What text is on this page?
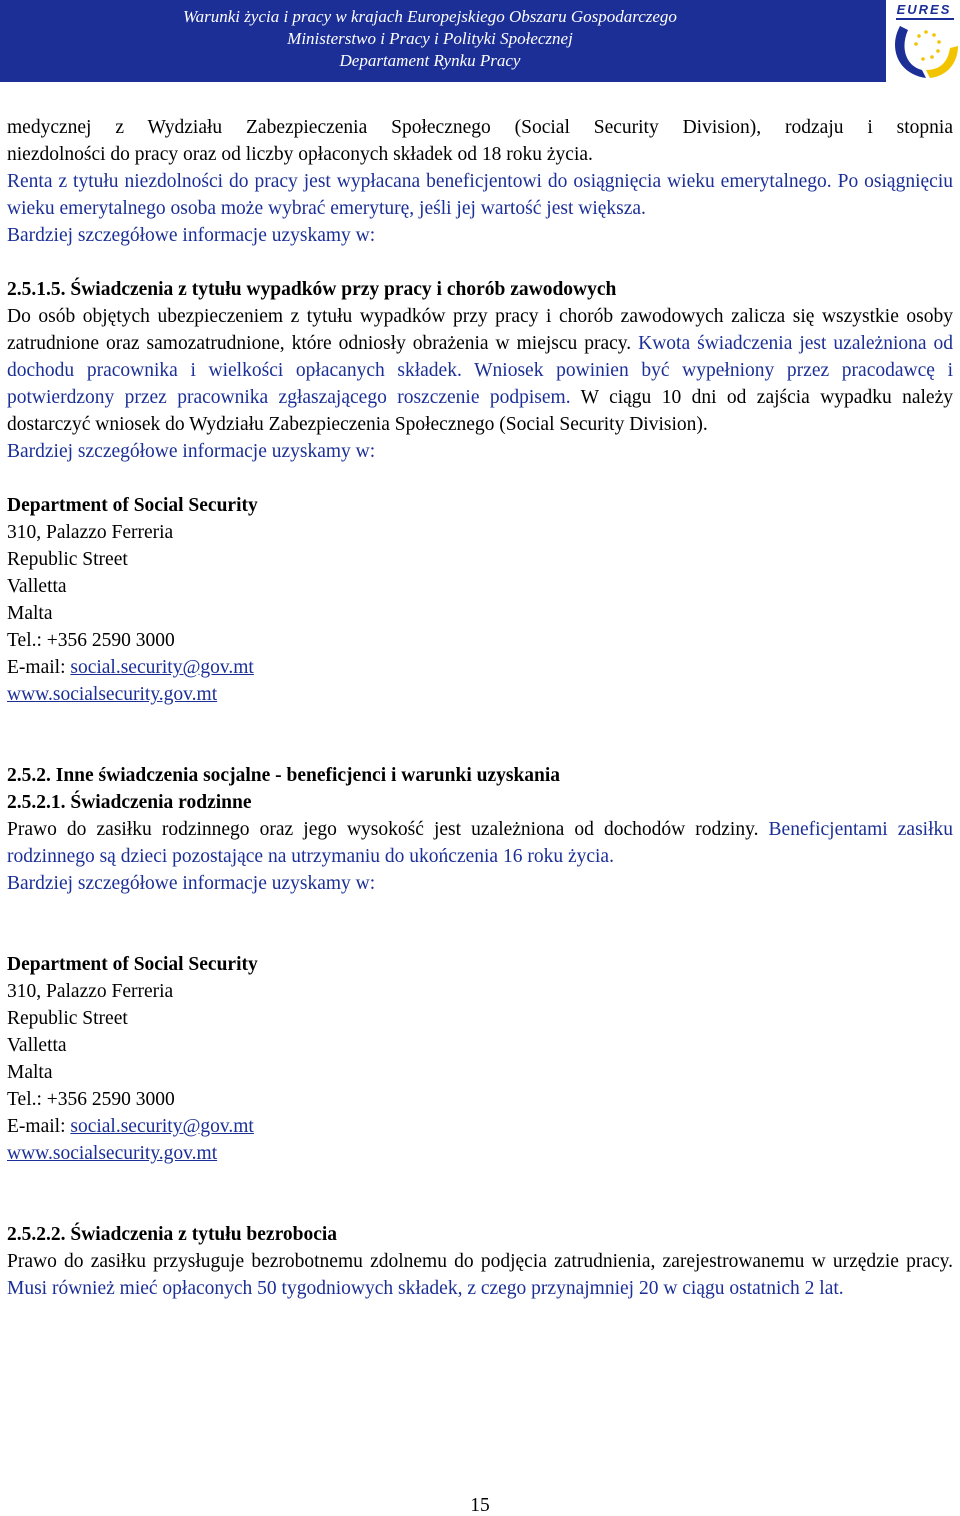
Warunki życia i pracy w krajach Europejskiego Obszaru Gospodarczego
Ministerstwo i Pracy i Polityki Społecznej
Departament Rynku Pracy
EURES

medycznej z Wydziału Zabezpieczenia Społecznego (Social Security Division), rodzaju i stopnia

niezdolności do pracy oraz od liczby opłaconych składek od 18 roku życia.

Renta z tytułu niezdolności do pracy jest wypłacana beneficjentowi do osiągnięcia wieku emerytalnego. Po osiągnięciu wieku emerytalnego osoba może wybrać emeryturę, jeśli jej wartość jest większa.

Bardziej szczegółowe informacje uzyskamy w:

2.5.1.5. Świadczenia z tytułu wypadków przy pracy i chorób zawodowych

Do osób objętych ubezpieczeniem z tytułu wypadków przy pracy i chorób zawodowych zalicza się wszystkie osoby zatrudnione oraz samozatrudnione, które odniosły obrażenia w miejscu pracy. Kwota świadczenia jest uzależniona od dochodu pracownika i wielkości opłacanych składek. Wniosek powinien być wypełniony przez pracodawcę i potwierdzony przez pracownika zgłaszającego roszczenie podpisem. W ciągu 10 dni od zajścia wypadku należy dostarczyć wniosek do Wydziału Zabezpieczenia Społecznego (Social Security Division).

Bardziej szczegółowe informacje uzyskamy w:

Department of Social Security

310, Palazzo Ferreria

Republic Street

Valletta

Malta

Tel.: +356 2590 3000

E-mail: social.security@gov.mt

www.socialsecurity.gov.mt

2.5.2. Inne świadczenia socjalne - beneficjenci i warunki uzyskania

2.5.2.1. Świadczenia rodzinne

Prawo do zasiłku rodzinnego oraz jego wysokość jest uzależniona od dochodów rodziny. Beneficjentami zasiłku rodzinnego są dzieci pozostające na utrzymaniu do ukończenia 16 roku życia.

Bardziej szczegółowe informacje uzyskamy w:

Department of Social Security

310, Palazzo Ferreria

Republic Street

Valletta

Malta

Tel.: +356 2590 3000

E-mail: social.security@gov.mt

www.socialsecurity.gov.mt

2.5.2.2. Świadczenia z tytułu bezrobocia

Prawo do zasiłku przysługuje bezrobotnemu zdolnemu do podjęcia zatrudnienia, zarejestrowanemu w urzędzie pracy. Musi również mieć opłaconych 50 tygodniowych składek, z czego przynajmniej 20 w ciągu ostatnich 2 lat.

15
